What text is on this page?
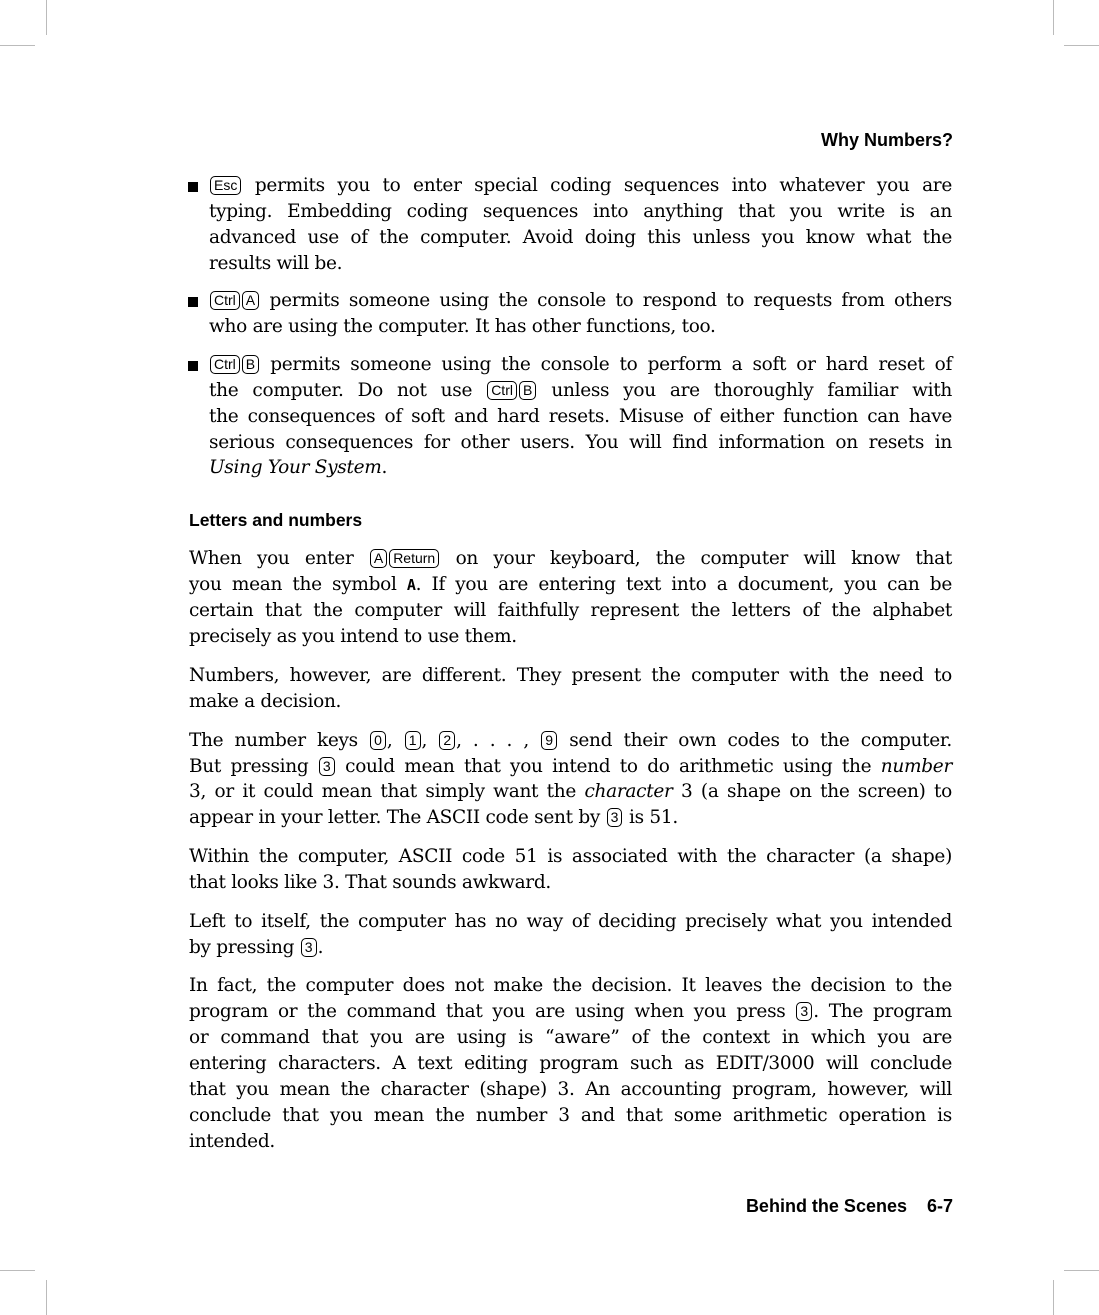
Why Numbers?
Letters and numbers
Behind the Scenes 6-7
Esc permits you to enter special coding sequences into whatever you are
typing. Embedding coding sequences into anything that you write is an
advanced use of the computer. Avoid doing this unless you know what the
results will be.
Ctrl A permits someone using the console to respond to requests from others
who are using the computer. It has other functions, too.
Ctrl B permits someone using the console to perform a soft or hard reset of
the computer. Do not use Ctrl B unless you are thoroughly familiar with
the consequences of soft and hard resets. Misuse of either function can have
serious consequences for other users. You will find information on resets in
Using Your System.
When you enter A Return on your keyboard, the computer will know that
you mean the symbol A. If you are entering text into a document, you can be
certain that the computer will faithfully represent the letters of the alphabet
precisely as you intend to use them.
Numbers, however, are different. They present the computer with the need to
make a decision.
The number keys 0 , 1 , 2 , . . . , 9 send their own codes to the computer.
But pressing 3 could mean that you intend to do arithmetic using the number
3, or it could mean that simply want the character 3 (a shape on the screen) to
appear in your letter. The ASCII code sent by 3 is 51.
Within the computer, ASCII code 51 is associated with the character (a shape)
that looks like 3. That sounds awkward.
Left to itself, the computer has no way of deciding precisely what you intended
by pressing 3 .
In fact, the computer does not make the decision. It leaves the decision to the
program or the command that you are using when you press 3 . The program
or command that you are using is “aware” of the context in which you are
entering characters. A text editing program such as EDIT/3000 will conclude
that you mean the character (shape) 3. An accounting program, however, will
conclude that you mean the number 3 and that some arithmetic operation is
intended.
